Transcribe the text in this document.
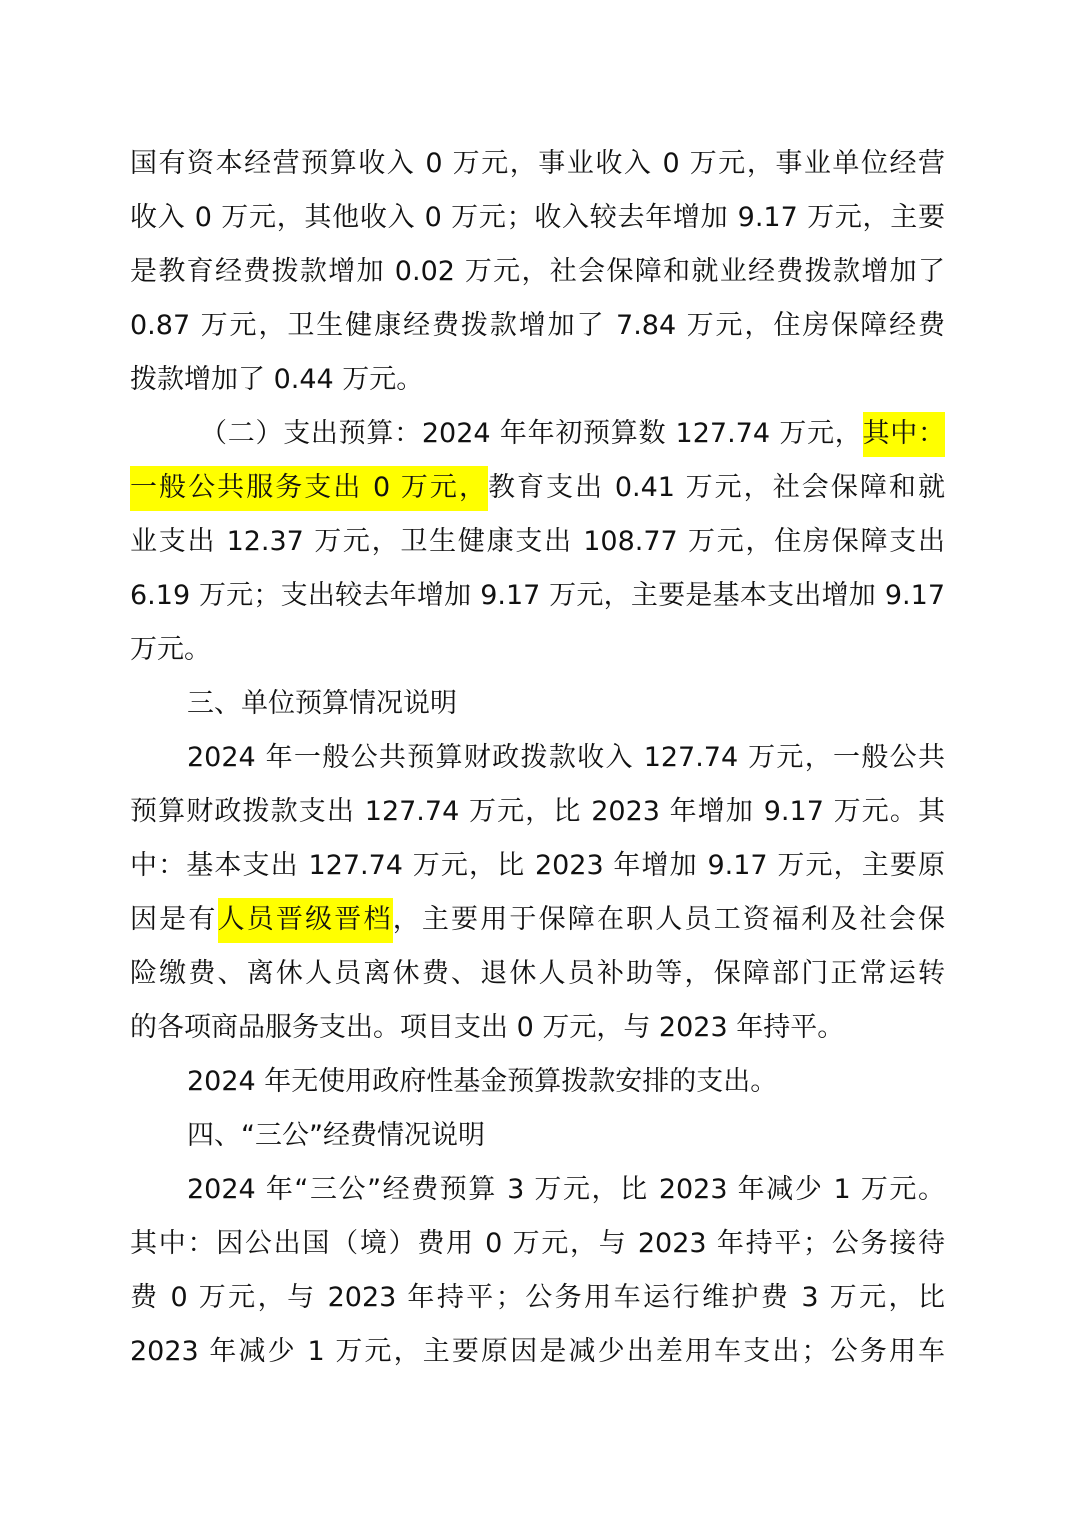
国有资本经营预算收入 0 万元，事业收入 0 万元，事业单位经营
收入 0 万元，其他收入 0 万元；收入较去年增加 9.17 万元，主要
是教育经费拨款增加 0.02 万元，社会保障和就业经费拨款增加了
0.87 万元，卫生健康经费拨款增加了 7.84 万元，住房保障经费
拨款增加了 0.44 万元。
（二）支出预算：2024 年年初预算数 127.74 万元，其中：
一般公共服务支出 0 万元，教育支出 0.41 万元，社会保障和就
业支出 12.37 万元，卫生健康支出 108.77 万元，住房保障支出
6.19 万元；支出较去年增加 9.17 万元，主要是基本支出增加 9.17
万元。
三、单位预算情况说明
2024 年一般公共预算财政拨款收入 127.74 万元，一般公共
预算财政拨款支出 127.74 万元，比 2023 年增加 9.17 万元。其
中：基本支出 127.74 万元，比 2023 年增加 9.17 万元，主要原
因是有人员晋级晋档，主要用于保障在职人员工资福利及社会保
险缴费、离休人员离休费、退休人员补助等，保障部门正常运转
的各项商品服务支出。项目支出 0 万元，与 2023 年持平。
2024 年无使用政府性基金预算拨款安排的支出。
四、“三公”经费情况说明
2024 年“三公”经费预算 3 万元，比 2023 年减少 1 万元。
其中：因公出国（境）费用 0 万元，与 2023 年持平；公务接待
费 0 万元，与 2023 年持平；公务用车运行维护费 3 万元，比
2023 年减少 1 万元，主要原因是减少出差用车支出；公务用车
